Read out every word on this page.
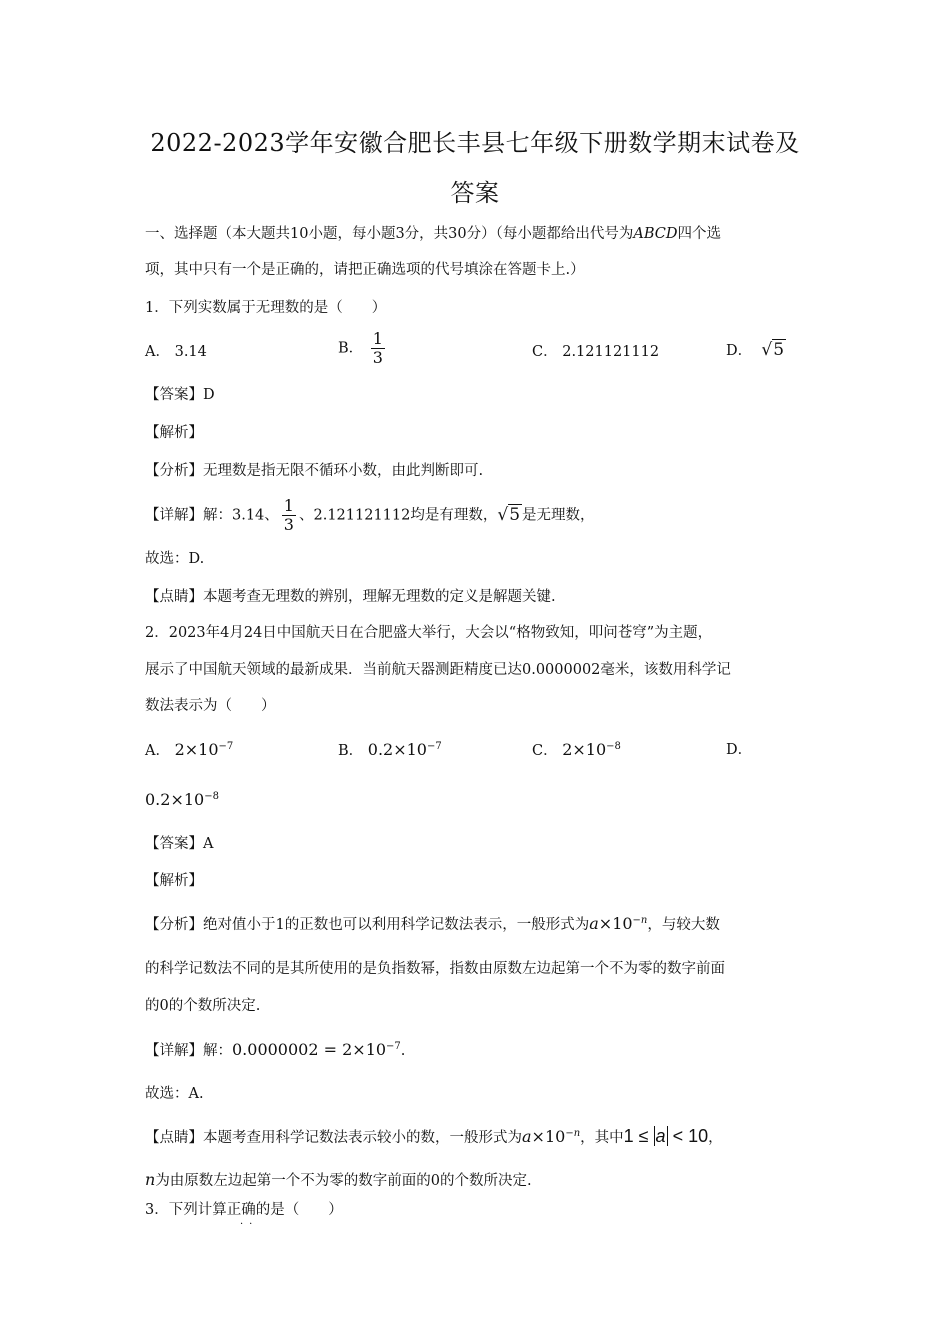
2022-2023学年安徽合肥长丰县七年级下册数学期末试卷及
答案
一、选择题（本大题共10小题，每小题3分，共30分）（每小题都给出代号为ABCD四个选
项，其中只有一个是正确的，请把正确选项的代号填涂在答题卡上.）
1．下列实数属于无理数的是（　　）
A． 3.14	B． $\frac{1}{3}$	C． 2.121121112	D． √5
【答案】D
【解析】
【分析】无理数是指无限不循环小数，由此判断即可.
【详解】解：3.14、 $\frac{1}{3}$ 、2.121121112均是有理数，√5 是无理数，
故选：D.
【点睛】本题考查无理数的辨别，理解无理数的定义是解题关键.
2．2023年4月24日中国航天日在合肥盛大举行，大会以“格物致知，叩问苍穹”为主题，
展示了中国航天领域的最新成果．当前航天器测距精度已达0.0000002毫米，该数用科学记
数法表示为（　　）
A． $2\times 10^{-7}$	B． $0.2\times 10^{-7}$	C． $2\times 10^{-8}$	D．
$0.2\times 10^{-8}$
【答案】A
【解析】
【分析】绝对值小于1的正数也可以利用科学记数法表示，一般形式为$a\times 10^{-n}$，与较大数
的科学记数法不同的是其所使用的是负指数幂，指数由原数左边起第一个不为零的数字前面
的0的个数所决定.
【详解】解：$0.0000002 = 2\times 10^{-7}$.
故选：A.
【点睛】本题考查用科学记数法表示较小的数，一般形式为$a\times 10^{-n}$，其中1 ≤ a < 10，
n为由原数左边起第一个不为零的数字前面的0的个数所决定.
3．下列计算正确的是（　　）
··
